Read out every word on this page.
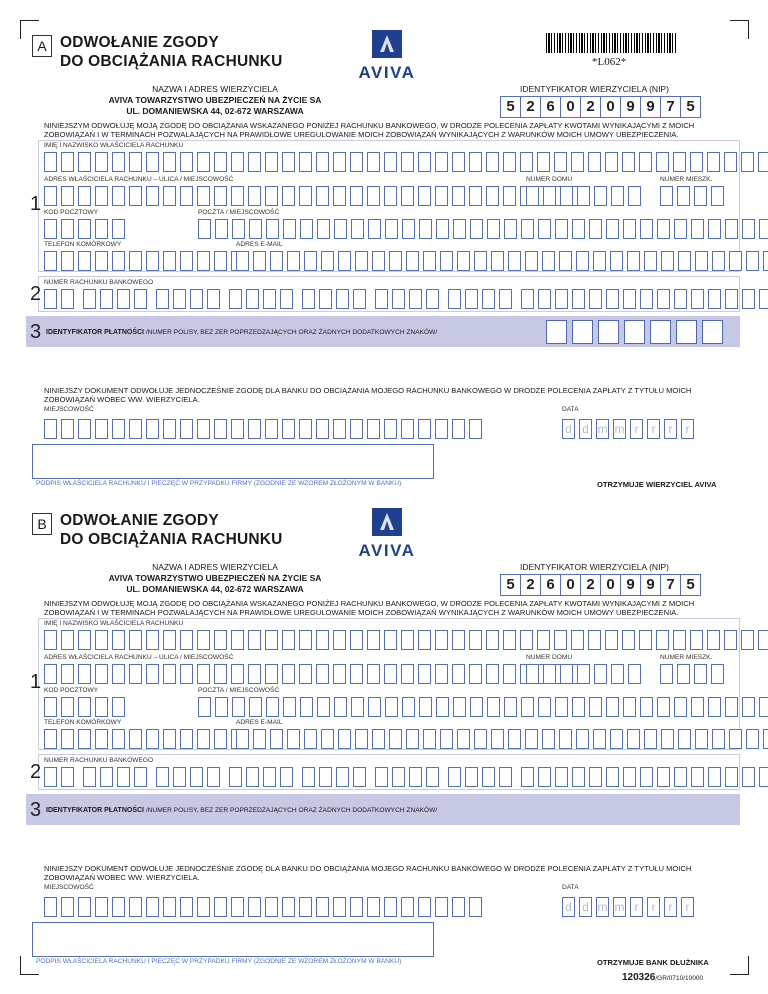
*L062*
A ODWOŁANIE ZGODY
DO OBCIĄŻANIA RACHUNKU
AVIVA
NAZWA I ADRES WIERZYCIELA
AVIVA TOWARZYSTWO UBEZPIECZEŃ NA ŻYCIE SA
UL. DOMANIEWSKA 44, 02-672 WARSZAWA
IDENTYFIKATOR WIERZYCIELA (NIP)
5 2 6 0 2 0 9 9 7 5
NINIEJSZYM ODWOŁUJĘ MOJĄ ZGODĘ DO OBCIĄŻANIA WSKAZANEGO PONIŻEJ RACHUNKU BANKOWEGO, W DRODZE POLECENIA ZAPŁATY KWOTAMI WYNIKAJĄCYMI Z MOICH ZOBOWIĄZAŃ I W TERMINACH POZWALAJĄCYCH NA PRAWIDŁOWE UREGULOWANIE MOICH ZOBOWIĄZAŃ WYNIKAJĄCYCH Z WARUNKÓW MOICH UMOWY UBEZPIECZENIA.
IMIĘ I NAZWISKO WŁAŚCICIELA RACHUNKU
ADRES WŁAŚCICIELA RACHUNKU – ULICA / MIEJSCOWOŚĆ	NUMER DOMU	NUMER MIESZK.
1 KOD POCZTOWY	POCZTA / MIEJSCOWOŚĆ
TELEFON KOMÓRKOWY	ADRES E-MAIL
2
NUMER RACHUNKU BANKOWEGO
3 IDENTYFIKATOR PŁATNOŚCI /NUMER POLISY, BEZ ZER POPRZEDZAJĄCYCH ORAZ ŻADNYCH DODATKOWYCH ZNAKÓW/
NINIEJSZY DOKUMENT ODWOŁUJE JEDNOCZEŚNIE ZGODĘ DLA BANKU DO OBCIĄŻANIA MOJEGO RACHUNKU BANKOWEGO W DRODZE POLECENIA ZAPŁATY Z TYTUŁU MOICH ZOBOWIĄZAŃ WOBEC WW. WIERZYCIELA.
MIEJSCOWOŚĆ	DATA
d d m m r	r	r	r
PODPIS WŁAŚCICIELA RACHUNKU I PIECZĘĆ W PRZYPADKU FIRMY (ZGODNIE ZE WZOREM ZŁOŻONYM W BANKU)	OTRZYMUJE WIERZYCIEL AVIVA
B ODWOŁANIE ZGODY
DO OBCIĄŻANIA RACHUNKU
AVIVA
NAZWA I ADRES WIERZYCIELA
AVIVA TOWARZYSTWO UBEZPIECZEŃ NA ŻYCIE SA
UL. DOMANIEWSKA 44, 02-672 WARSZAWA
IDENTYFIKATOR WIERZYCIELA (NIP)
5 2 6 0 2 0 9 9 7 5
NINIEJSZYM ODWOŁUJĘ MOJĄ ZGODĘ DO OBCIĄŻANIA WSKAZANEGO PONIŻEJ RACHUNKU BANKOWEGO, W DRODZE POLECENIA ZAPŁATY KWOTAMI WYNIKAJĄCYMI Z MOICH ZOBOWIĄZAŃ I W TERMINACH POZWALAJĄCYCH NA PRAWIDŁOWE UREGULOWANIE MOICH ZOBOWIĄZAŃ WYNIKAJĄCYCH Z WARUNKÓW MOICH UMOWY UBEZPIECZENIA.
IMIĘ I NAZWISKO WŁAŚCICIELA RACHUNKU
ADRES WŁAŚCICIELA RACHUNKU – ULICA / MIEJSCOWOŚĆ	NUMER DOMU	NUMER MIESZK.
1 KOD POCZTOWY	POCZTA / MIEJSCOWOŚĆ
TELEFON KOMÓRKOWY	ADRES E-MAIL
2
NUMER RACHUNKU BANKOWEGO
3 IDENTYFIKATOR PŁATNOŚCI /NUMER POLISY, BEZ ZER POPRZEDZAJĄCYCH ORAZ ŻADNYCH DODATKOWYCH ZNAKÓW/
NINIEJSZY DOKUMENT ODWOŁUJE JEDNOCZEŚNIE ZGODĘ DLA BANKU DO OBCIĄŻANIA MOJEGO RACHUNKU BANKOWEGO W DRODZE POLECENIA ZAPŁATY Z TYTUŁU MOICH ZOBOWIĄZAŃ WOBEC WW. WIERZYCIELA.
MIEJSCOWOŚĆ	DATA
d d m m r	r	r	r
PODPIS WŁAŚCICIELA RACHUNKU I PIECZĘĆ W PRZYPADKU FIRMY (ZGODNIE ZE WZOREM ZŁOŻONYM W BANKU)	OTRZYMUJE BANK DŁUŻNIKA
120326/GR/0710/10000
